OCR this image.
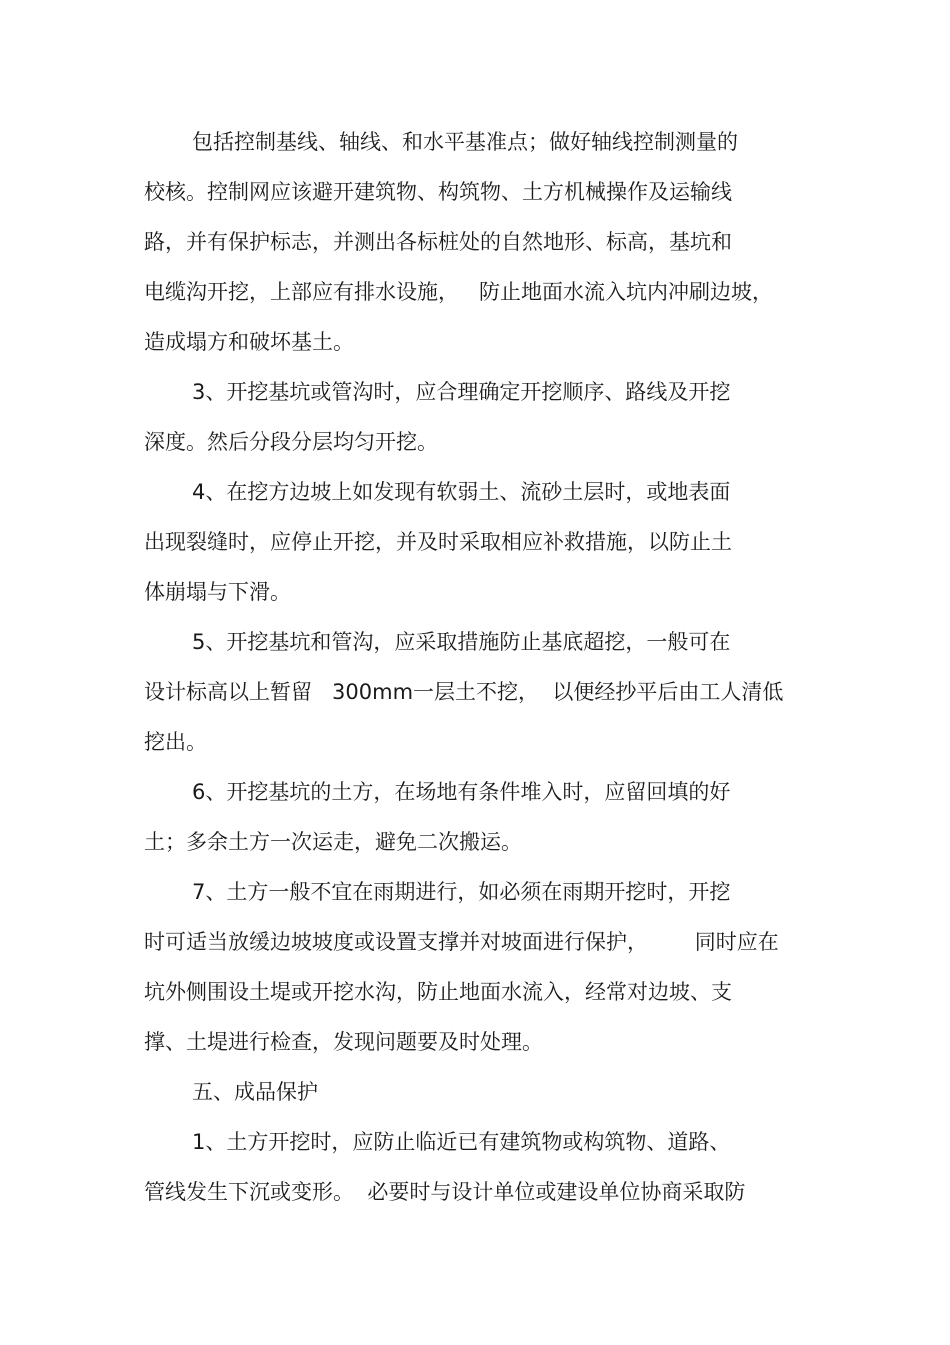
包括控制基线、轴线、和水平基准点；做好轴线控制测量的
校核。控制网应该避开建筑物、构筑物、土方机械操作及运输线
路，并有保护标志，并测出各标桩处的自然地形、标高，基坑和
电缆沟开挖，上部应有排水设施，   防止地面水流入坑内冲刷边坡，
造成塌方和破坏基土。
3、开挖基坑或管沟时，应合理确定开挖顺序、路线及开挖
深度。然后分段分层均匀开挖。
4、在挖方边坡上如发现有软弱土、流砂土层时，或地表面
出现裂缝时，应停止开挖，并及时采取相应补救措施，以防止土
体崩塌与下滑。
5、开挖基坑和管沟，应采取措施防止基底超挖，一般可在
设计标高以上暂留   300mm一层土不挖，  以便经抄平后由工人清低
挖出。
6、开挖基坑的土方，在场地有条件堆入时，应留回填的好
土；多余土方一次运走，避免二次搬运。
7、土方一般不宜在雨期进行，如必须在雨期开挖时，开挖
时可适当放缓边坡坡度或设置支撑并对坡面进行保护，       同时应在
坑外侧围设土堤或开挖水沟，防止地面水流入，经常对边坡、支
撑、土堤进行检查，发现问题要及时处理。
五、成品保护
1、土方开挖时，应防止临近已有建筑物或构筑物、道路、
管线发生下沉或变形。  必要时与设计单位或建设单位协商采取防
